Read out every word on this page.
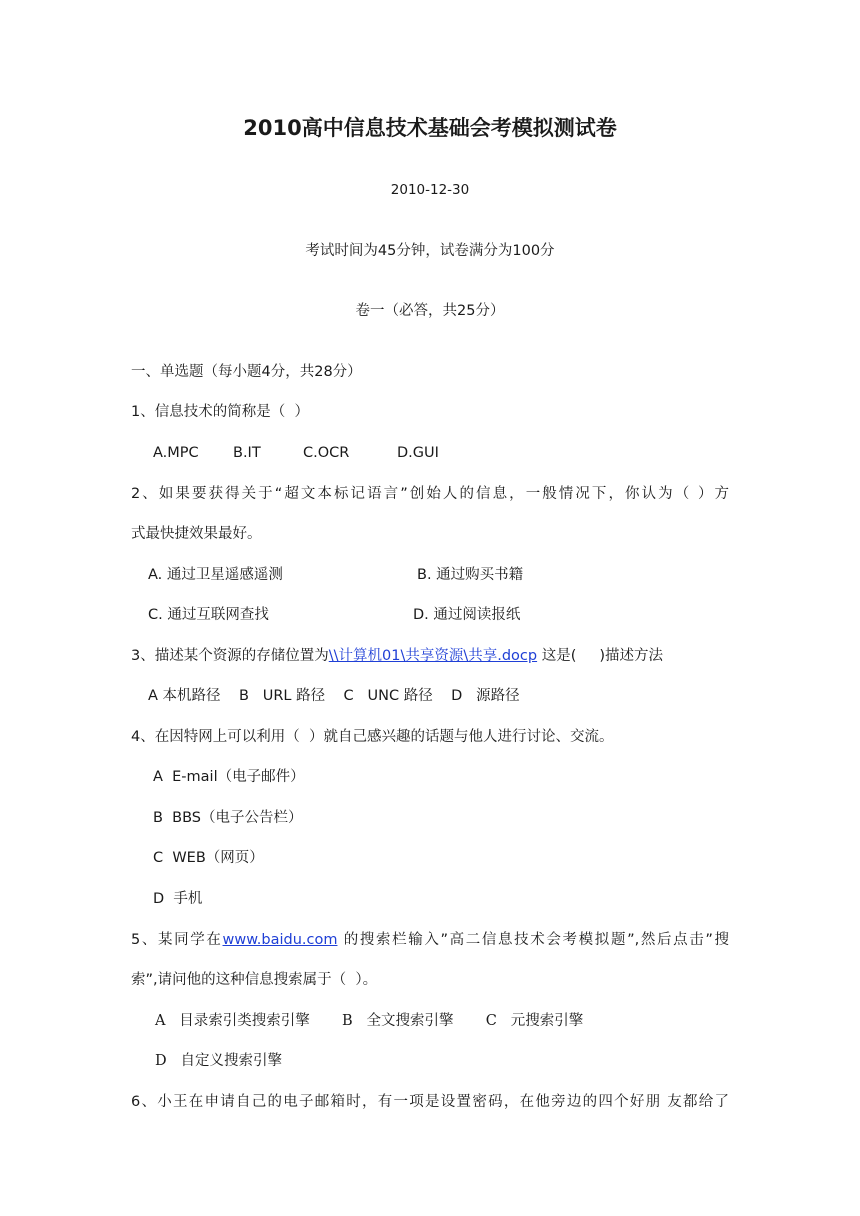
2010高中信息技术基础会考模拟测试卷
2010-12-30
考试时间为45分钟，试卷满分为100分
卷一（必答，共25分）
一、单选题（每小题4分，共28分）
1、信息技术的简称是（  ）
A.MPC B.IT	C.OCR	D.GUI
2、如果要获得关于“超文本标记语言”创始人的信息，一般情况下，你认为（ ）方
式最快捷效果最好。
A. 通过卫星遥感遥测	B. 通过购买书籍
C. 通过互联网查找	D. 通过阅读报纸
3、描述某个资源的存储位置为\\计算机01\共享资源\共享.docp 这是(     )描述方法
A 本机路径    B   URL 路径    C   UNC 路径    D   源路径
4、在因特网上可以利用（  ）就自己感兴趣的话题与他人进行讨论、交流。
A  E-mail（电子邮件）
B  BBS（电子公告栏）
C  WEB（网页）
D  手机
5、某同学在www.baidu.com 的搜索栏输入”高二信息技术会考模拟题”,然后点击”搜
索”,请问他的这种信息搜索属于（  ）。
A   目录索引类搜索引擎       B   全文搜索引擎       C   元搜索引擎
D   自定义搜索引擎
6、小王在申请自己的电子邮箱时，有一项是设置密码，在他旁边的四个好朋 友都给了
